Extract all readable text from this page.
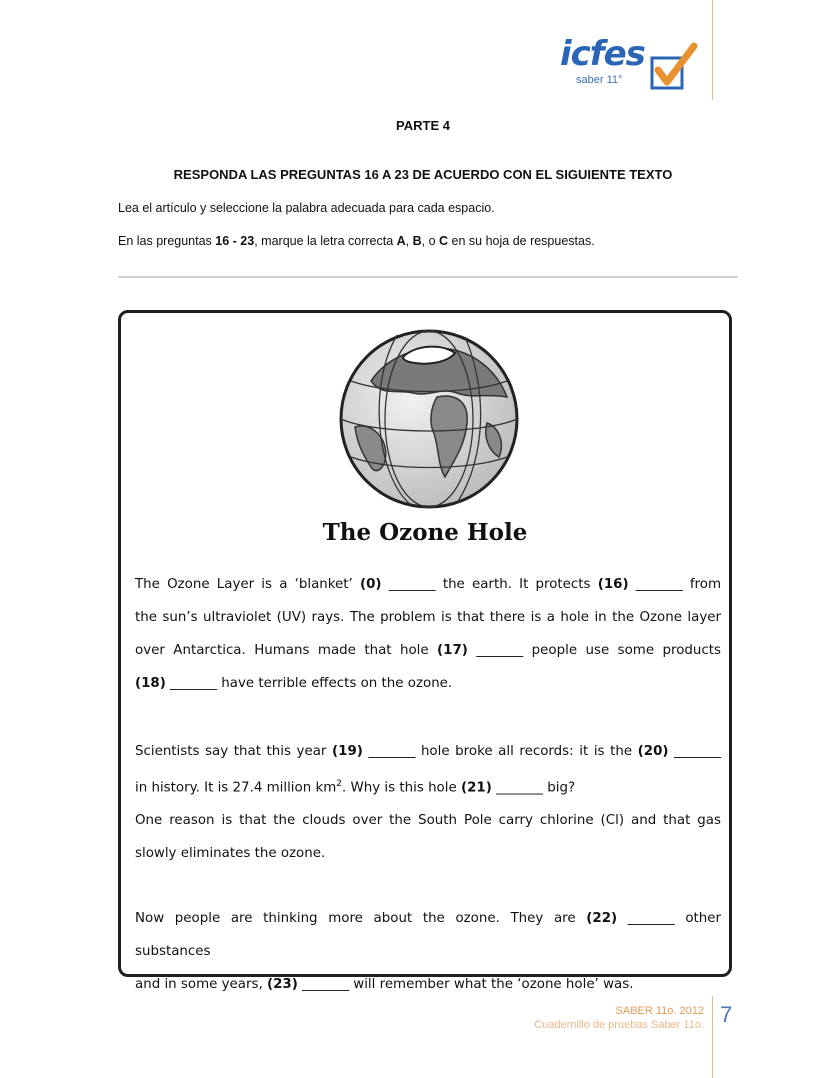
icfes
saber 11°
PARTE 4
RESPONDA LAS PREGUNTAS 16 A 23 DE ACUERDO CON EL SIGUIENTE TEXTO
Lea el artículo y seleccione la palabra adecuada para cada espacio.
En las preguntas 16 - 23, marque la letra correcta A, B, o C en su hoja de respuestas.
The Ozone Hole
The Ozone Layer is a ‘blanket’ (0) _______ the earth. It protects (16) _______ from
the sun’s ultraviolet (UV) rays. The problem is that there is a hole in the Ozone layer
over Antarctica. Humans made that hole (17) _______ people use some products
(18) _______ have terrible effects on the ozone.
Scientists say that this year (19) _______ hole broke all records: it is the (20) _______
in history. It is 27.4 million $km^2$. Why is this hole (21) _______ big?
One reason is that the clouds over the South Pole carry chlorine (Cl) and that gas
slowly eliminates the ozone.
Now people are thinking more about the ozone. They are (22) _______ other substances
and in some years, (23) _______ will remember what the ‘ozone hole’ was.
SABER 11o. 2012
Cuadernillo de pruebas Saber 11o. 7
